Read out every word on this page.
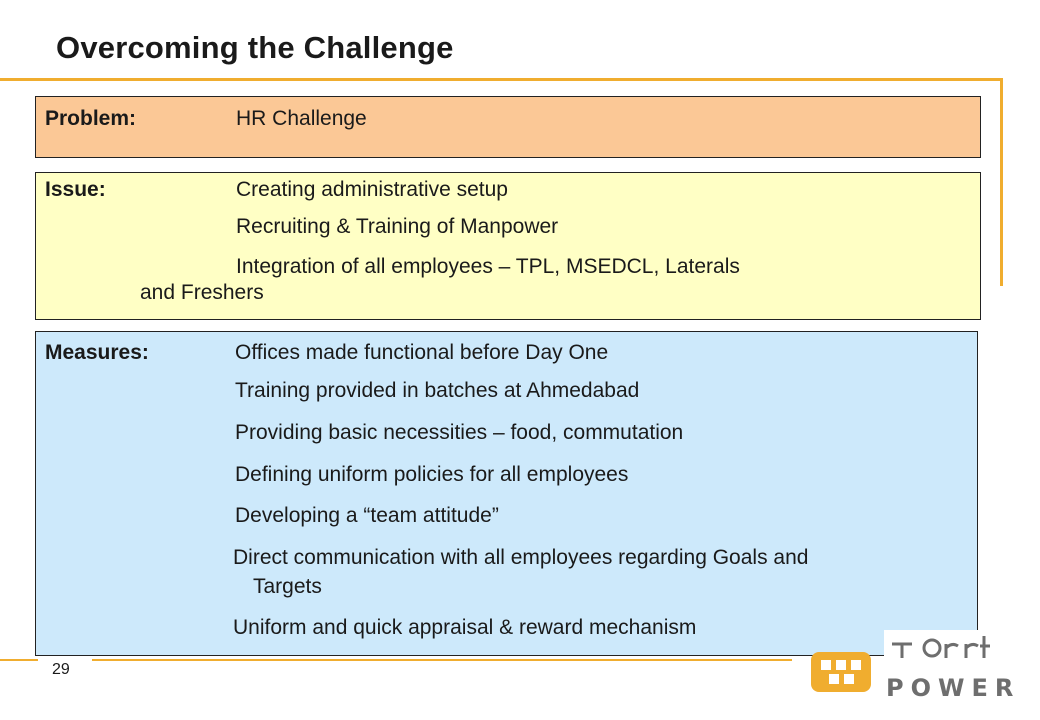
Overcoming the Challenge
Problem:	HR Challenge
Issue:	Creating administrative setup
Recruiting & Training of Manpower
Integration of all employees – TPL, MSEDCL, Laterals
and Freshers
Measures:	Offices made functional before Day One
Training provided in batches at Ahmedabad
Providing basic necessities – food, commutation
Defining uniform policies for all employees
Developing a “team attitude”
Direct communication with all employees regarding Goals and
Targets
Uniform and quick appraisal & reward mechanism
29
POWER
